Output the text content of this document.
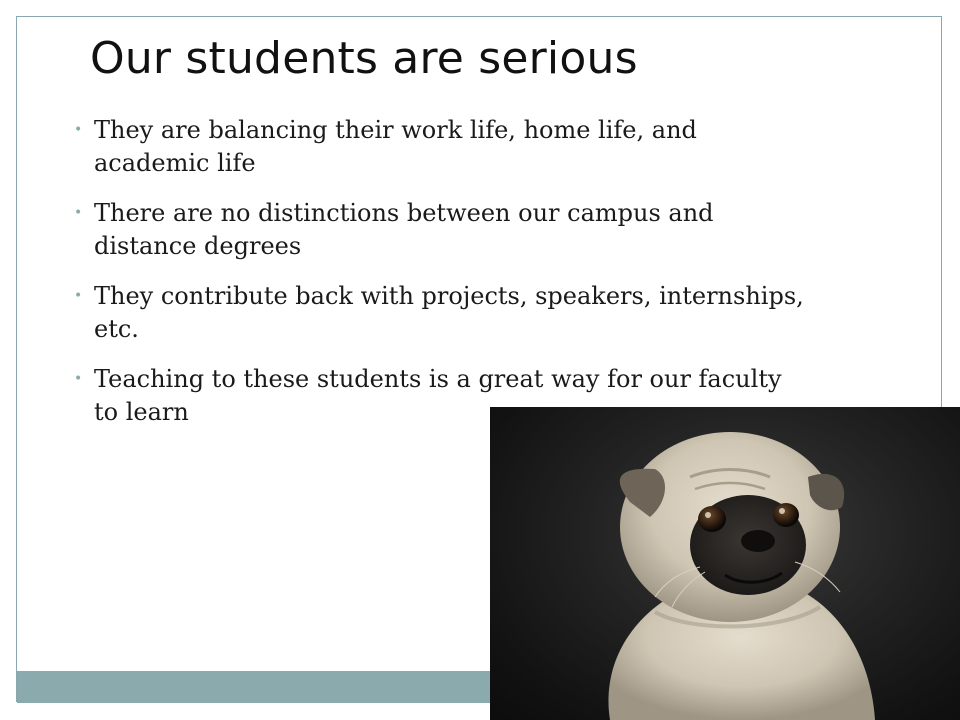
Our students are serious
• They are balancing their work life, home life, and academic life
• There are no distinctions between our campus and distance degrees
• They contribute back with projects, speakers, internships, etc.
• Teaching to these students is a great way for our faculty to learn
